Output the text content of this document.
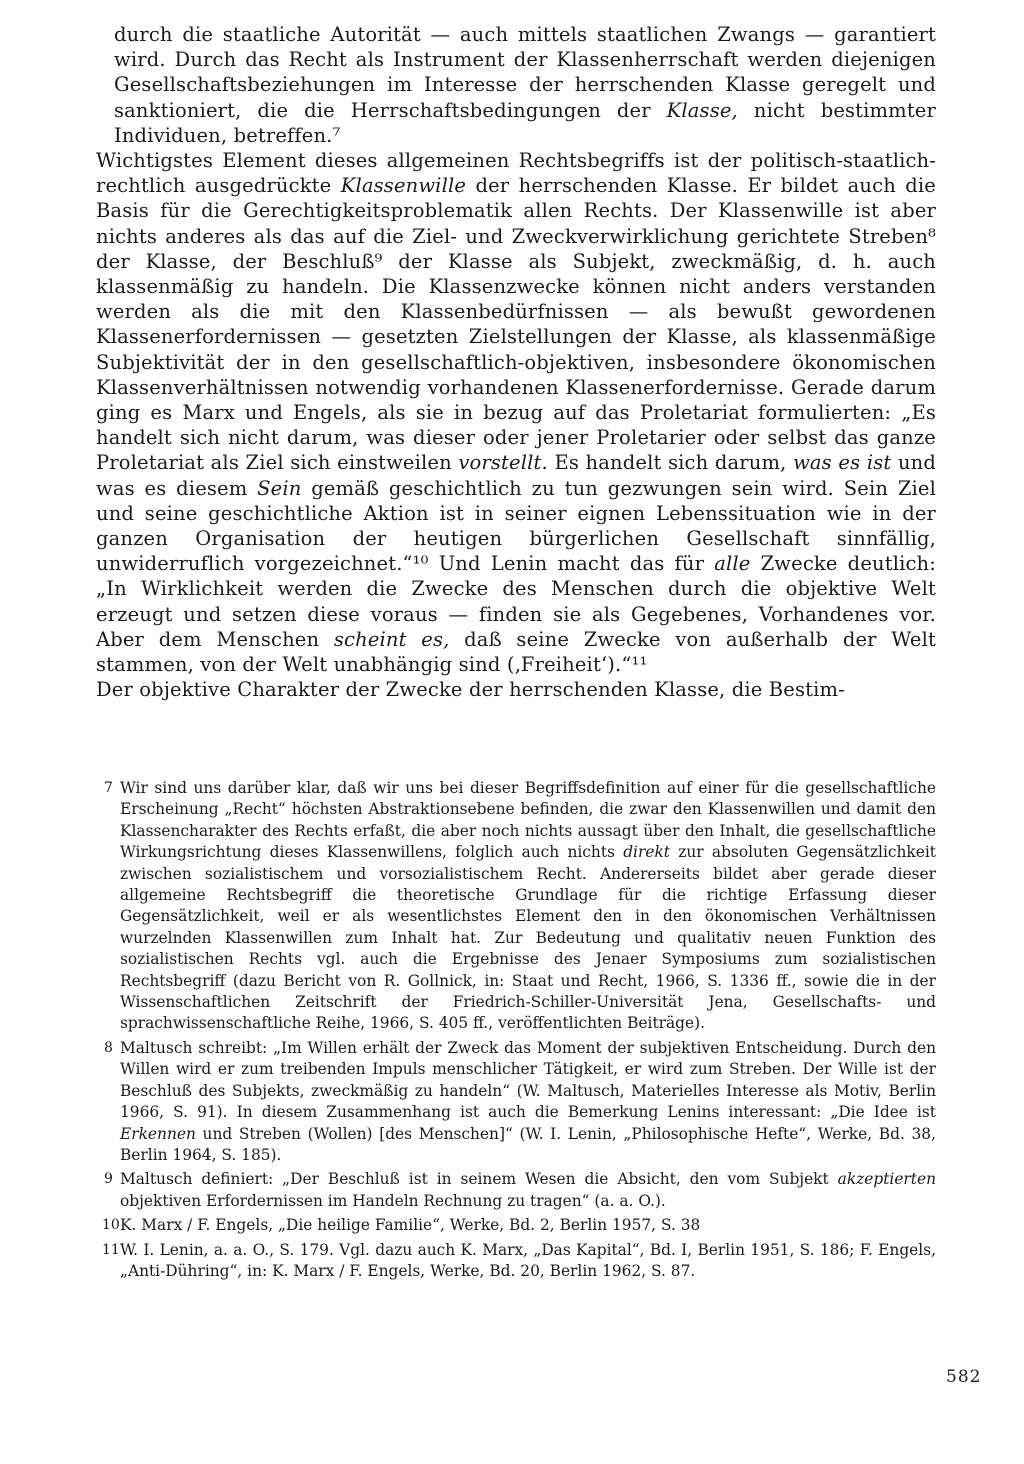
durch die staatliche Autorität — auch mittels staatlichen Zwangs — garantiert wird. Durch das Recht als Instrument der Klassenherrschaft werden diejenigen Gesellschaftsbeziehungen im Interesse der herrschenden Klasse geregelt und sanktioniert, die die Herrschaftsbedingungen der Klasse, nicht bestimmter Individuen, betreffen.⁷

Wichtigstes Element dieses allgemeinen Rechtsbegriffs ist der politisch-staatlich-rechtlich ausgedrückte Klassenwille der herrschenden Klasse. Er bildet auch die Basis für die Gerechtigkeitsproblematik allen Rechts. Der Klassenwille ist aber nichts anderes als das auf die Ziel- und Zweckverwirklichung gerichtete Streben⁸ der Klasse, der Beschluß⁹ der Klasse als Subjekt, zweckmäßig, d. h. auch klassenmäßig zu handeln. Die Klassenzwecke können nicht anders verstanden werden als die mit den Klassenbedürfnissen — als bewußt gewordenen Klassenerfordernissen — gesetzten Zielstellungen der Klasse, als klassenmäßige Subjektivität der in den gesellschaftlich-objektiven, insbesondere ökonomischen Klassenverhältnissen notwendig vorhandenen Klassenerfordernisse. Gerade darum ging es Marx und Engels, als sie in bezug auf das Proletariat formulierten: „Es handelt sich nicht darum, was dieser oder jener Proletarier oder selbst das ganze Proletariat als Ziel sich einstweilen vorstellt. Es handelt sich darum, was es ist und was es diesem Sein gemäß geschichtlich zu tun gezwungen sein wird. Sein Ziel und seine geschichtliche Aktion ist in seiner eignen Lebenssituation wie in der ganzen Organisation der heutigen bürgerlichen Gesellschaft sinnfällig, unwiderruflich vorgezeichnet.“¹⁰ Und Lenin macht das für alle Zwecke deutlich: „In Wirklichkeit werden die Zwecke des Menschen durch die objektive Welt erzeugt und setzen diese voraus — finden sie als Gegebenes, Vorhandenes vor. Aber dem Menschen scheint es, daß seine Zwecke von außerhalb der Welt stammen, von der Welt unabhängig sind (‚Freiheit‘).“¹¹

Der objektive Charakter der Zwecke der herrschenden Klasse, die Bestim-

7 Wir sind uns darüber klar, daß wir uns bei dieser Begriffsdefinition auf einer für die gesellschaftliche Erscheinung „Recht“ höchsten Abstraktionsebene befinden, die zwar den Klassenwillen und damit den Klassencharakter des Rechts erfaßt, die aber noch nichts aussagt über den Inhalt, die gesellschaftliche Wirkungsrichtung dieses Klassenwillens, folglich auch nichts direkt zur absoluten Gegensätzlichkeit zwischen sozialistischem und vorsozialistischem Recht. Andererseits bildet aber gerade dieser allgemeine Rechtsbegriff die theoretische Grundlage für die richtige Erfassung dieser Gegensätzlichkeit, weil er als wesentlichstes Element den in den ökonomischen Verhältnissen wurzelnden Klassenwillen zum Inhalt hat. Zur Bedeutung und qualitativ neuen Funktion des sozialistischen Rechts vgl. auch die Ergebnisse des Jenaer Symposiums zum sozialistischen Rechtsbegriff (dazu Bericht von R. Gollnick, in: Staat und Recht, 1966, S. 1336 ff., sowie die in der Wissenschaftlichen Zeitschrift der Friedrich-Schiller-Universität Jena, Gesellschafts- und sprachwissenschaftliche Reihe, 1966, S. 405 ff., veröffentlichten Beiträge).

8 Maltusch schreibt: „Im Willen erhält der Zweck das Moment der subjektiven Entscheidung. Durch den Willen wird er zum treibenden Impuls menschlicher Tätigkeit, er wird zum Streben. Der Wille ist der Beschluß des Subjekts, zweckmäßig zu handeln“ (W. Maltusch, Materielles Interesse als Motiv, Berlin 1966, S. 91). In diesem Zusammenhang ist auch die Bemerkung Lenins interessant: „Die Idee ist Erkennen und Streben (Wollen) [des Menschen]“ (W. I. Lenin, „Philosophische Hefte“, Werke, Bd. 38, Berlin 1964, S. 185).

9 Maltusch definiert: „Der Beschluß ist in seinem Wesen die Absicht, den vom Subjekt akzeptierten objektiven Erfordernissen im Handeln Rechnung zu tragen“ (a. a. O.).

10 K. Marx / F. Engels, „Die heilige Familie“, Werke, Bd. 2, Berlin 1957, S. 38

11 W. I. Lenin, a. a. O., S. 179. Vgl. dazu auch K. Marx, „Das Kapital“, Bd. I, Berlin 1951, S. 186; F. Engels, „Anti-Dühring“, in: K. Marx / F. Engels, Werke, Bd. 20, Berlin 1962, S. 87.

582
